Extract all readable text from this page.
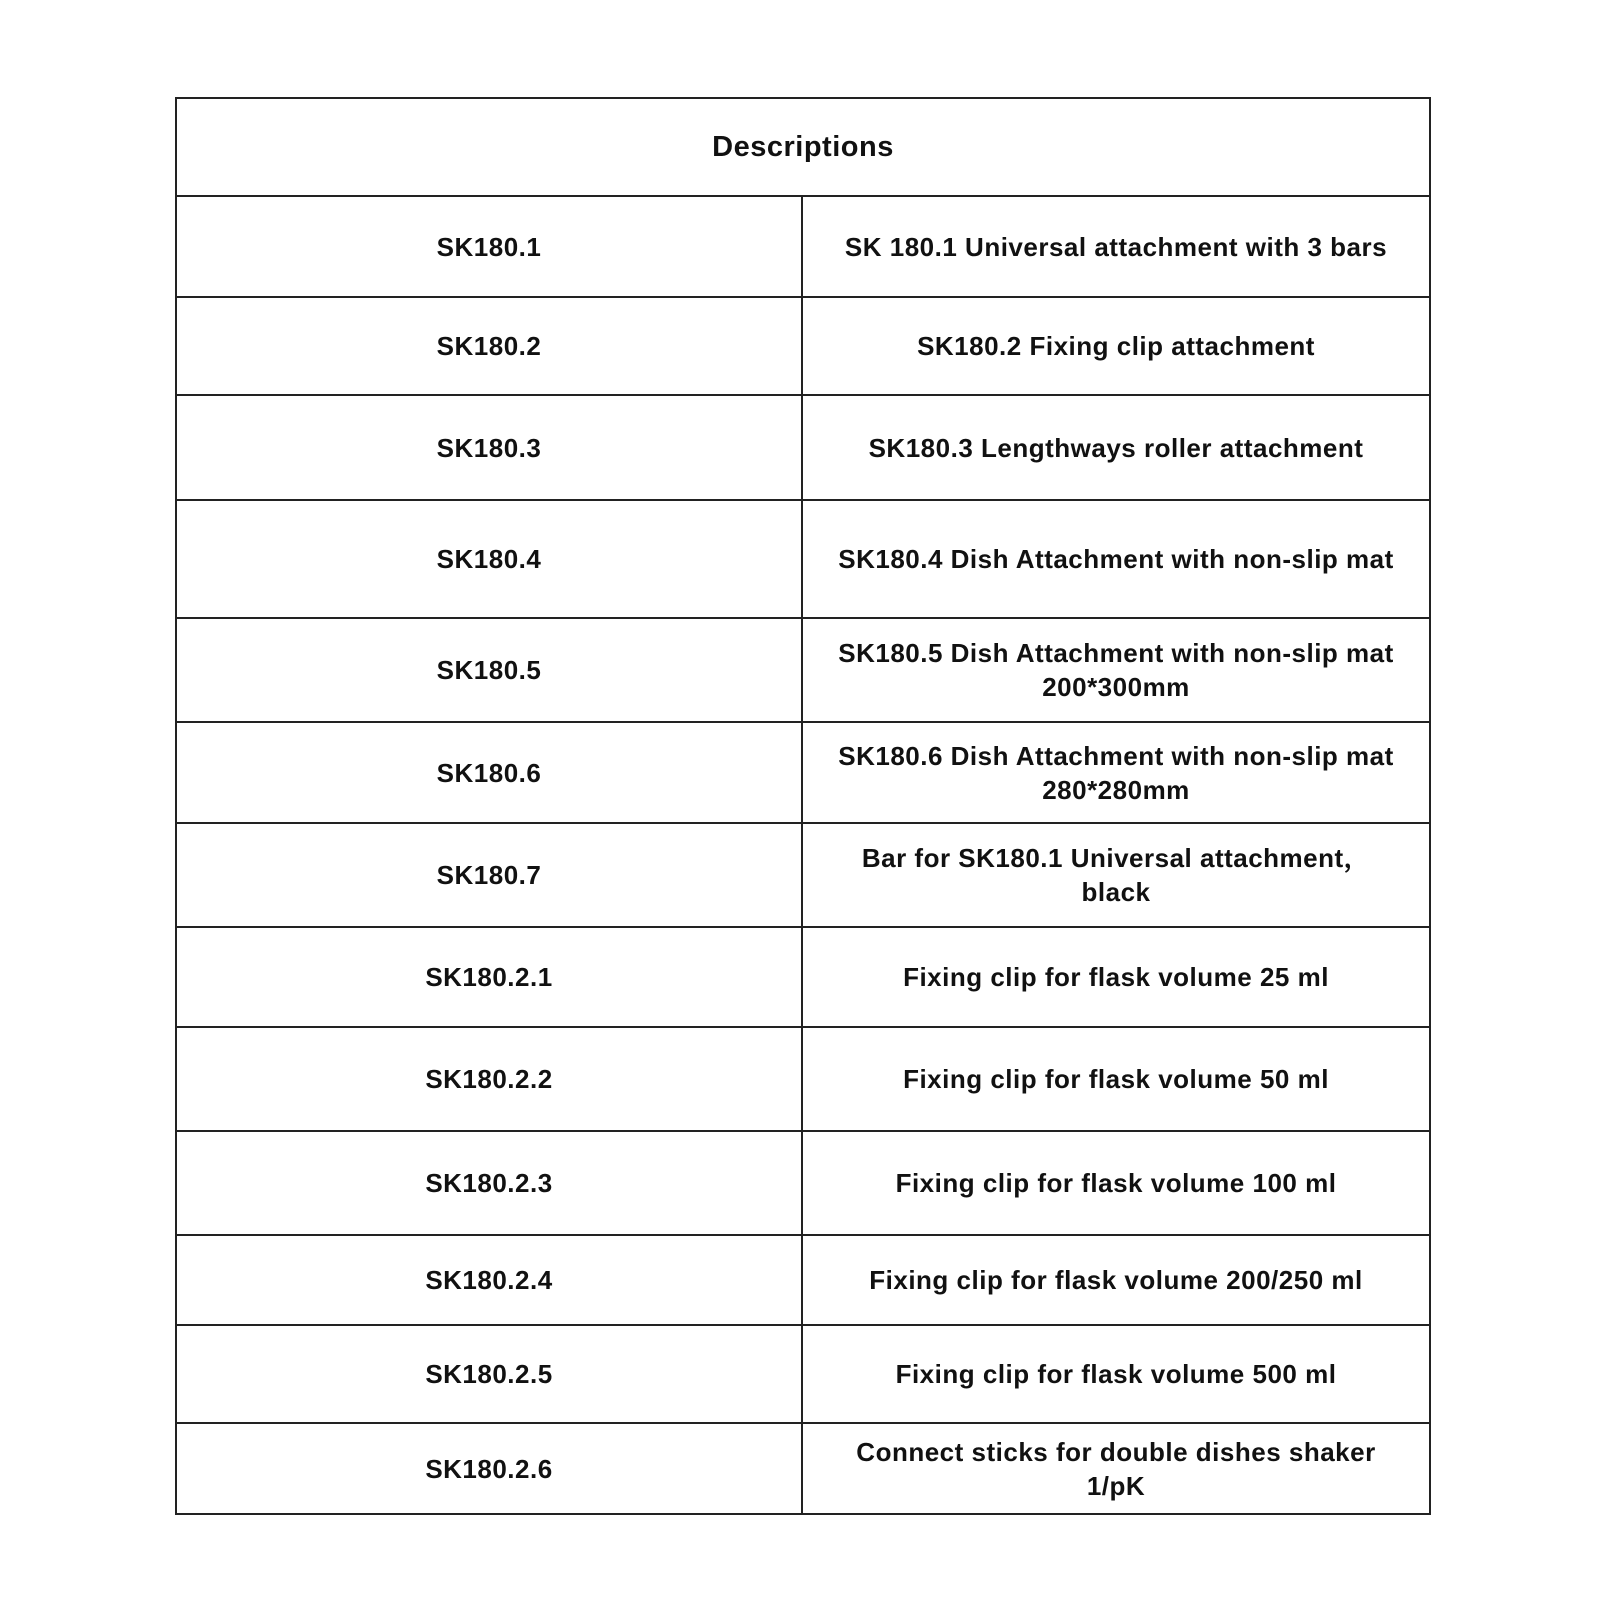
Descriptions	
SK180.1	SK 180.1 Universal attachment with 3 bars
SK180.2	SK180.2 Fixing clip attachment
SK180.3	SK180.3 Lengthways roller attachment
SK180.4	SK180.4 Dish Attachment with non-slip mat
SK180.5	SK180.5 Dish Attachment with non-slip mat 200*300mm
SK180.6	SK180.6 Dish Attachment with non-slip mat 280*280mm
SK180.7	Bar for SK180.1 Universal attachment， black
SK180.2.1	Fixing clip for flask volume 25 ml
SK180.2.2	Fixing clip for flask volume 50 ml
SK180.2.3	Fixing clip for flask volume 100 ml
SK180.2.4	Fixing clip for flask volume 200/250 ml
SK180.2.5	Fixing clip for flask volume 500 ml
SK180.2.6	Connect sticks for double dishes shaker 1/pK
